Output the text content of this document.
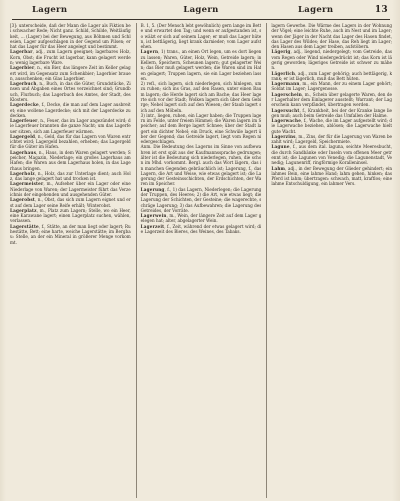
Lagern	Lagern	Lagern	13

[3]: unterscheide, daß der Mann die Lager als Fiktion bei schwacher Rede; Nicht ganz. Schild, Schilde, Weitläufigkeit, ... (Lager) bei der Bewegung, aus Böhmen und Schlesien, Lager aufgeschlagen in der Gegend um Pilsen; er hat das Lager für das Heer angelegt und bestimmt.

Lagerbar, adj., zum Lagern geeignet; lagerbares Holz, Korn, Obst; die Frucht ist lagerbar, kann gelagert werden; wenig lagerbare Ware.

Lagerbier, n., ein Bier, das längere Zeit im Keller gelagert wird, im Gegensatz zum Schenkbier; Lagerbier brauen, ausschenken; ein Glas Lagerbier.

Lagerbuch, n., Buch, in das die Güter, Grundstücke, Zinsen und Abgaben eines Ortes verzeichnet sind; Grundbuch, Flurbuch; das Lagerbuch des Amtes, der Stadt, des Klosters.

Lagerdecke, f., Decke, die man auf dem Lager ausbreitet; eine wollene Lagerdecke; sich mit der Lagerdecke zudecken.

Lagerfeuer, n., Feuer, das im Lager angezündet wird; die Lagerfeuer brannten die ganze Nacht; um das Lagerfeuer sitzen, sich am Lagerfeuer wärmen.

Lagergeld, n., Geld, das für das Lagern von Waren entrichtet wird; Lagergeld bezahlen, erheben; das Lagergeld für die Güter im Hafen.

Lagerhaus, n., Haus, in dem Waren gelagert werden; Speicher, Magazin, Niederlage; ein großes Lagerhaus am Hafen; die Waren aus dem Lagerhaus holen, in das Lagerhaus bringen.

Lagerholz, n., Holz, das zur Unterlage dient; auch Holz, das lange gelagert hat und trocken ist.

Lagermeister, m., Aufseher über ein Lager oder eine Niederlage von Waren; der Lagermeister führt das Verzeichnis der eingehenden und ausgehenden Güter.

Lagerobst, n., Obst, das sich zum Lagern eignet und erst auf dem Lager seine Reife erhält; Winterobst.

Lagerplatz, m., Platz zum Lagern; Stelle, wo ein Heer, eine Karawane lagert; einen Lagerplatz suchen, wählen, verlassen.

Lagerstätte, f., Stätte, an der man liegt oder lagert; Ruhestätte, Bett; eine harte, weiche Lagerstätte; im Bergbau: Stelle, an der ein Mineral in größerer Menge vorkommt.

B. 1, 5. (Der Mensch lebt gewöhnlich) gern lange im Bette und erwartet den Tag; und wenn er aufgestanden ist, so wälzt er sich auf seinem Lager; er muß das Lager hüten, ist bettlägerig, liegt krank darnieder; vom Lager aufstehen.

Lagern, 1) trans., an einen Ort legen, um es dort liegen zu lassen; Waren, Güter, Holz, Wein, Getreide lagern; in Kellern, Speichern, Scheunen lagern; gut gelagerter Wein; das Bier muß gelagert werden; die Waren sind im Hafen gelagert; Truppen lagern, sie ein Lager beziehen lassen.

2) refl., sich lagern, sich niederlegen, sich hinlegen, um zu ruhen; sich ins Gras, auf den Rasen, unter einen Baum lagern; die Herde lagert sich am Bache; das Heer lagerte sich vor der Stadt; Wolken lagern sich über dem Gebirge; Nebel lagert sich auf den Wiesen; der Staub lagert sich auf den Möbeln.

3) intr., liegen, ruhen, ein Lager haben; die Truppen lagern im Felde, unter freiem Himmel; die Waren lagern im Speicher; auf dem Berge lagert Schnee; über der Stadt lagert ein dichter Nebel; ein Druck, eine Schwüle lagert über der Gegend; das Getreide lagert, liegt vom Regen niedergeschlagen.

Anm. Die Bedeutung des Lagerns im Sinne von aufbewahren ist erst spät aus der Kaufmannssprache gedrungen; älter ist die Bedeutung sich niederlegen, ruhen, die schon im Mhd. vorkommt. Bergl. auch das Wort lägern, das in manchen Gegenden gebräuchlich ist; Lagerung, f., das Lagern, die Art und Weise, wie etwas gelagert ist; die Lagerung der Gesteinsschichten, der Erdschichten, der Waren im Speicher.

Lagerung, f., 1) das Lagern, Niederlegen; die Lagerung der Truppen, des Heeres; 2) die Art, wie etwas liegt; die Lagerung der Schichten, der Gesteine; die wagerechte, schräge Lagerung; 3) das Aufbewahren; die Lagerung des Getreides, der Vorräte.

Lagerwein, m., Wein, der längere Zeit auf dem Lager gelegen hat; alter, abgelagerter Wein.

Lagerzeit, f., Zeit, während der etwas gelagert wird; die Lagerzeit des Bieres, des Weines, des Tabaks.

lagern Gewerbe. Die Wärme des Lagers in der Wohnung der Vögel; eine leichte Ruhe, auch im Nest und im Lager; wenn der Jäger in der Nacht das Lager des Hasen findet, das Lager des Wildes; der Hase, das Reh liegt im Lager; den Hasen aus dem Lager treiben, aufstöbern.

Lägerig, adj., liegend, niedergelegt; vom Getreide, das vom Regen oder Wind niedergedrückt ist; das Korn ist lägerig geworden; lägeriges Getreide ist schwer zu mähen.

Lägerlich, adj., zum Lager gehörig; auch bettlägerig, krank; er ist lägerlich, muß das Bett hüten.

Lagermann, m., ein Mann, der zu einem Lager gehört; Soldat im Lager; Lagergenosse.

Lagerschein, m., Schein über gelagerte Waren, den der Lagerhalter dem Einlagerer ausstellt; Warrant; der Lagerschein kann verpfändet, übertragen werden.

Lagersucht, f., Krankheit, bei der der Kranke lange liegen muß; auch beim Getreide das Umfallen der Halme.

Lagerwache, f., Wache, die im Lager aufgestellt wird; die Lagerwache beziehen, ablösen; die Lagerwache hielt gute Wacht.

Lagerzins, m., Zins, der für die Lagerung von Waren bezahlt wird; Lagergeld, Speichermiete.

Lagune, f., aus dem ital. laguna, seichte Meeresbucht, die durch Sandbänke oder Inseln vom offenen Meer getrennt ist; die Lagunen von Venedig; die Lagunenstadt, Venedig; Lagunenriff, ringförmige Koralleninsel.

Lahm, adj., in der Bewegung der Glieder gehindert; ein lahmes Bein, eine lahme Hand; lahm gehen, hinken; das Pferd ist lahm; übertragen: schwach, matt, kraftlos; eine lahme Entschuldigung, ein lahmer Vers.
